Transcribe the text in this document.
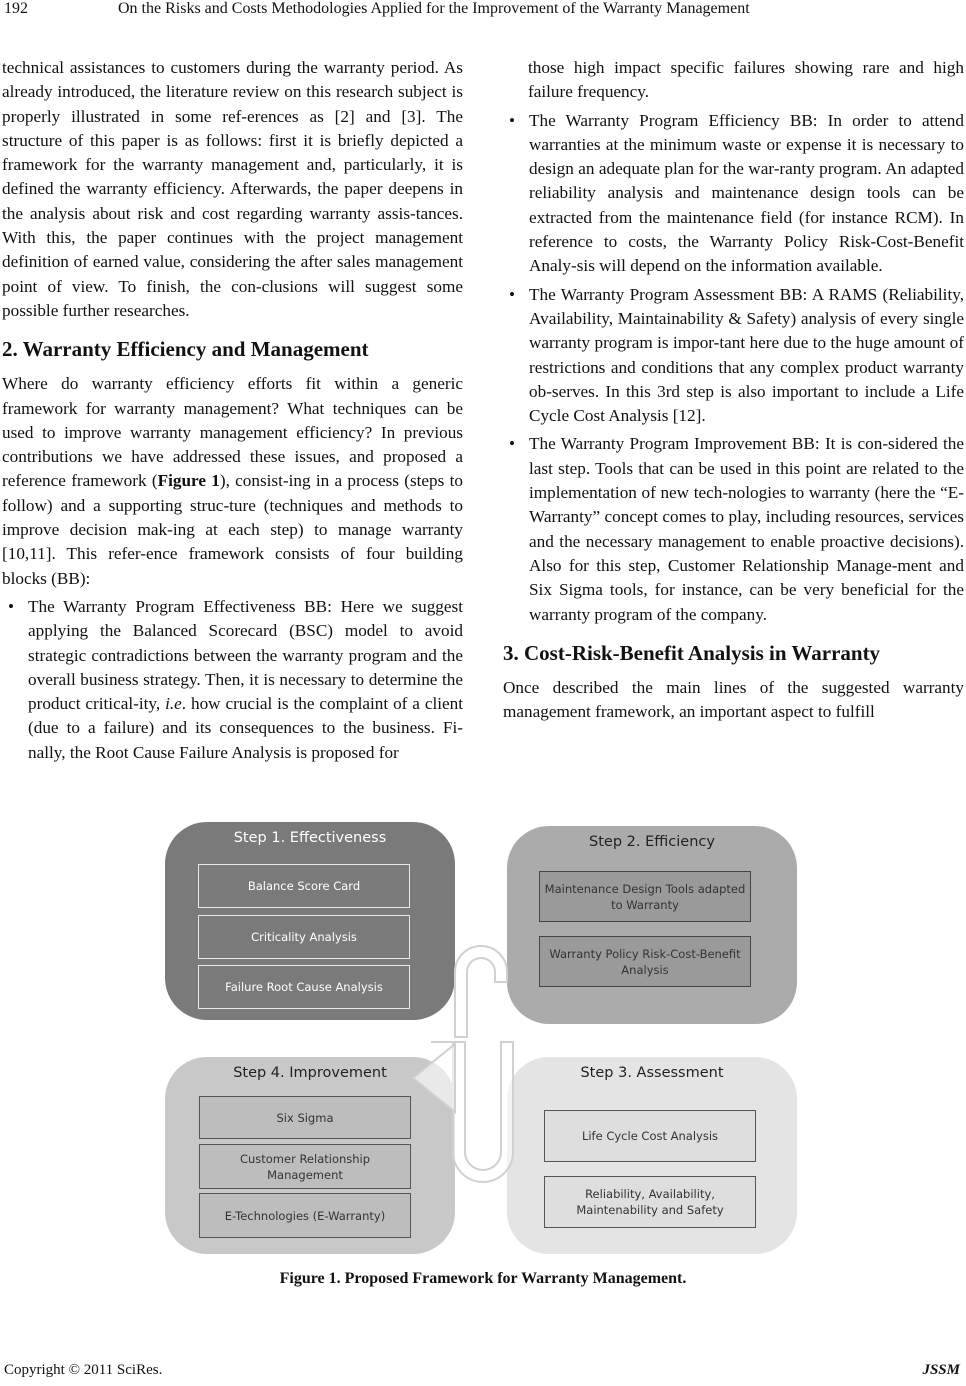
192	On the Risks and Costs Methodologies Applied for the Improvement of the Warranty Management

technical assistances to customers during the warranty period. As already introduced, the literature review on this research subject is properly illustrated in some ref-erences as [2] and [3]. The structure of this paper is as follows: first it is briefly depicted a framework for the warranty management and, particularly, it is defined the warranty efficiency. Afterwards, the paper deepens in the analysis about risk and cost regarding warranty assis-tances. With this, the paper continues with the project management definition of earned value, considering the after sales management point of view. To finish, the con-clusions will suggest some possible further researches.

2. Warranty Efficiency and Management

Where do warranty efficiency efforts fit within a generic framework for warranty management? What techniques can be used to improve warranty management efficiency? In previous contributions we have addressed these issues, and proposed a reference framework (Figure 1), consist-ing in a process (steps to follow) and a supporting struc-ture (techniques and methods to improve decision mak-ing at each step) to manage warranty [10,11]. This refer-ence framework consists of four building blocks (BB):

• The Warranty Program Effectiveness BB: Here we suggest applying the Balanced Scorecard (BSC) model to avoid strategic contradictions between the warranty program and the overall business strategy. Then, it is necessary to determine the product critical-ity, i.e. how crucial is the complaint of a client (due to a failure) and its consequences to the business. Fi-nally, the Root Cause Failure Analysis is proposed for

those high impact specific failures showing rare and high failure frequency.

• The Warranty Program Efficiency BB: In order to attend warranties at the minimum waste or expense it is necessary to design an adequate plan for the war-ranty program. An adapted reliability analysis and maintenance design tools can be extracted from the maintenance field (for instance RCM). In reference to costs, the Warranty Policy Risk-Cost-Benefit Analy-sis will depend on the information available.
• The Warranty Program Assessment BB: A RAMS (Reliability, Availability, Maintainability & Safety) analysis of every single warranty program is impor-tant here due to the huge amount of restrictions and conditions that any complex product warranty ob-serves. In this 3rd step is also important to include a Life Cycle Cost Analysis [12].
• The Warranty Program Improvement BB: It is con-sidered the last step. Tools that can be used in this point are related to the implementation of new tech-nologies to warranty (here the “E-Warranty” concept comes to play, including resources, services and the necessary management to enable proactive decisions). Also for this step, Customer Relationship Manage-ment and Six Sigma tools, for instance, can be very beneficial for the warranty program of the company.
3. Cost-Risk-Benefit Analysis in Warranty

Once described the main lines of the suggested warranty management framework, an important aspect to fulfill

Step 1. Effectiveness
Balance Score Card
Criticality Analysis
Failure Root Cause Analysis
Step 2. Efficiency
Maintenance Design Tools adapted to Warranty
Warranty Policy Risk-Cost-Benefit Analysis
Step 4. Improvement
Six Sigma
Customer Relationship Management
E-Technologies (E-Warranty)
Step 3. Assessment
Life Cycle Cost Analysis
Reliability, Availability, Maintenability and Safety
Figure 1. Proposed Framework for Warranty Management.
Copyright © 2011 SciRes.	JSSM
